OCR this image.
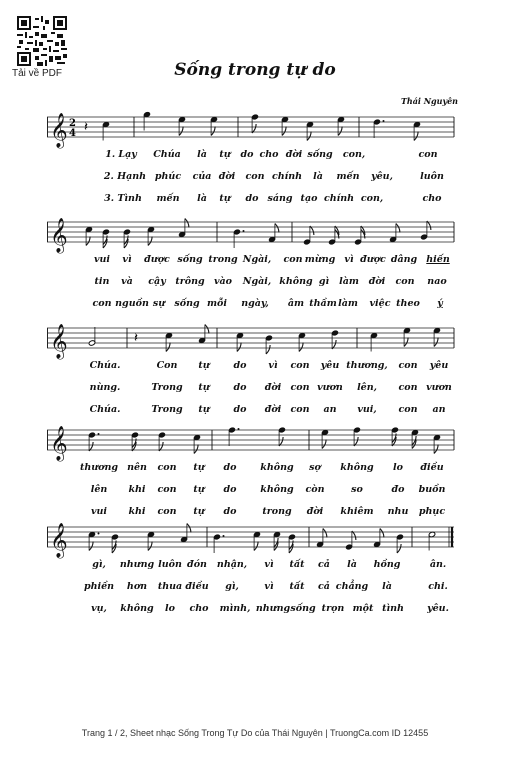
Tải về PDF	Sống trong tự do
Thái Nguyên
𝄞 2
4 𝄽
1. Lạy Chúa là tự do cho đời sống con,	con
2. Hạnh phúc của đời con chính là mến yêu,	luôn
3. Tình mến là tự do sáng tạo chính con,	cho
𝄞
vui vì được sống trong Ngài, con mừng vì được dâng hiến
tin và cậy trông vào Ngài, không gì làm đời con nao
con nguồn sự sống mỗi ngày, âm thầm làm việc theo ý
𝄞	𝄽
Chúa.	Con tự	do vì con yêu thương, con yêu
nùng.	Trong tự	do đời con vươn lên, con vươn
Chúa.	Trong tự	do đời con an vui, con an
𝄞
thương nên con tự do	không sợ không lo điều
lên khi con tự do	không còn	so	đo buồn
vui khi con tự do	trong đời khiêm nhu phục
𝄞
gì, nhưng luôn đón nhận, vì tất cả là hồng	ân.
phiền hơn thua điều gì,	vì tất cả chẳng là	chi.
vụ, không lo cho mình, nhưng sống trọn một tình yêu.
Trang 1 / 2, Sheet nhạc Sống Trong Tự Do của Thái Nguyên | TruongCa.com ID 12455
